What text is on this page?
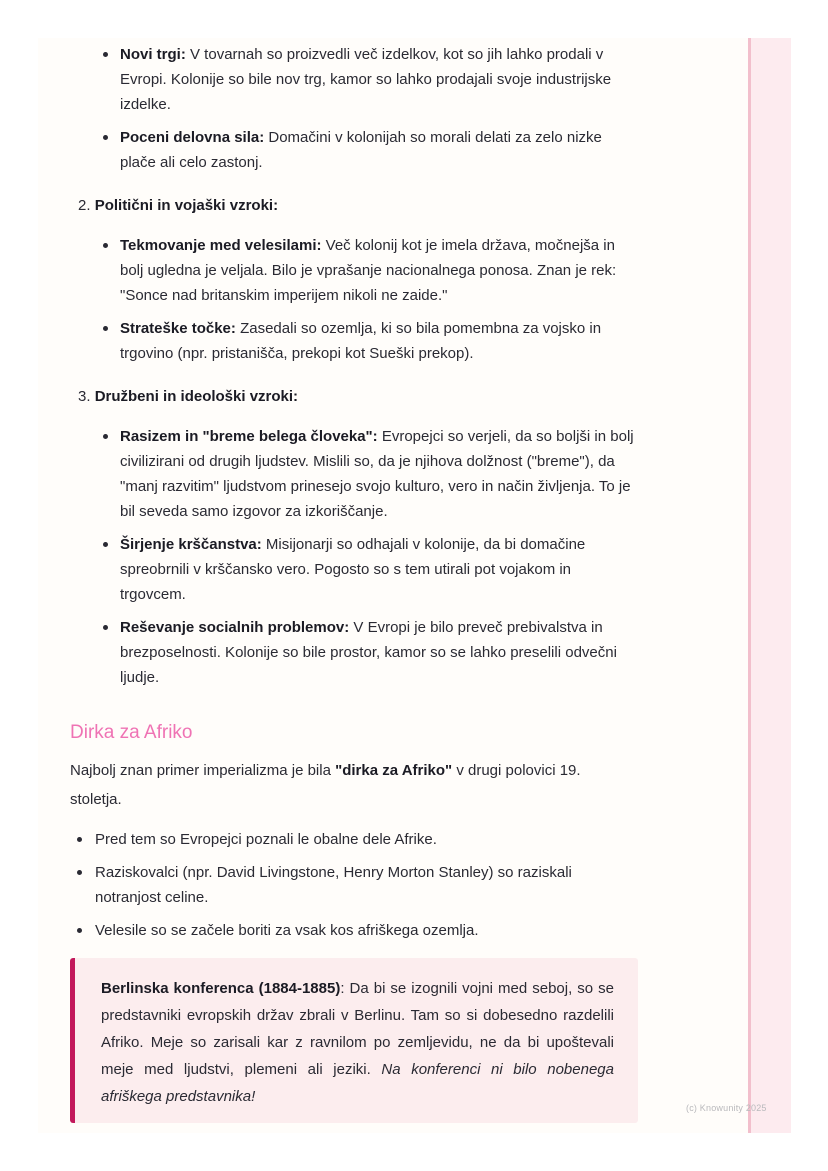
Novi trgi: V tovarnah so proizvedli več izdelkov, kot so jih lahko prodali v Evropi. Kolonije so bile nov trg, kamor so lahko prodajali svoje industrijske izdelke.
Poceni delovna sila: Domačini v kolonijah so morali delati za zelo nizke plače ali celo zastonj.
2. Politični in vojaški vzroki:
Tekmovanje med velesilami: Več kolonij kot je imela država, močnejša in bolj ugledna je veljala. Bilo je vprašanje nacionalnega ponosa. Znan je rek: "Sonce nad britanskim imperijem nikoli ne zaide."
Strateške točke: Zasedali so ozemlja, ki so bila pomembna za vojsko in trgovino (npr. pristanišča, prekopi kot Sueški prekop).
3. Družbeni in ideološki vzroki:
Rasizem in "breme belega človeka": Evropejci so verjeli, da so boljši in bolj civilizirani od drugih ljudstev. Mislili so, da je njihova dolžnost ("breme"), da "manj razvitim" ljudstvom prinesejo svojo kulturo, vero in način življenja. To je bil seveda samo izgovor za izkoriščanje.
Širjenje krščanstva: Misijonarji so odhajali v kolonije, da bi domačine spreobrnili v krščansko vero. Pogosto so s tem utirali pot vojakom in trgovcem.
Reševanje socialnih problemov: V Evropi je bilo preveč prebivalstva in brezposelnosti. Kolonije so bile prostor, kamor so se lahko preselili odvečni ljudje.
Dirka za Afriko

Najbolj znan primer imperializma je bila "dirka za Afriko" v drugi polovici 19. stoletja.

Pred tem so Evropejci poznali le obalne dele Afrike.
Raziskovalci (npr. David Livingstone, Henry Morton Stanley) so raziskali notranjost celine.
Velesile so se začele boriti za vsak kos afriškega ozemlja.
Berlinska konferenca (1884-1885): Da bi se izognili vojni med seboj, so se predstavniki evropskih držav zbrali v Berlinu. Tam so si dobesedno razdelili Afriko. Meje so zarisali kar z ravnilom po zemljevidu, ne da bi upoštevali meje med ljudstvi, plemeni ali jeziki. Na konferenci ni bilo nobenega afriškega predstavnika!
(c) Knowunity 2025
